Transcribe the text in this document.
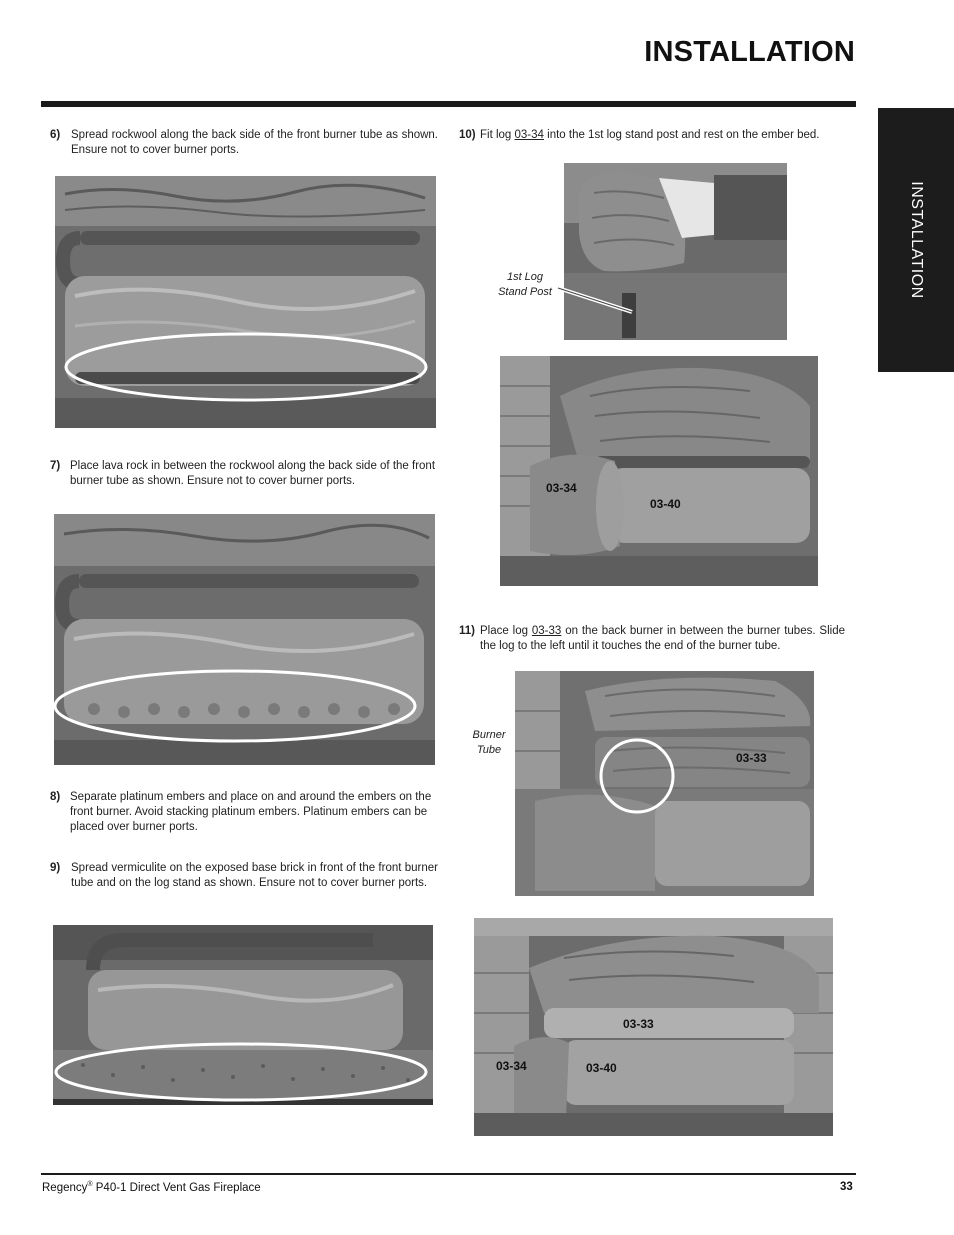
INSTALLATION
INSTALLATION
6) Spread rockwool along the back side of the front burner tube as shown. Ensure not to cover burner ports.
7) Place lava rock in between the rockwool along the back side of the front burner tube as shown. Ensure not to cover burner ports.
8) Separate platinum embers and place on and around the embers on the front burner. Avoid stacking platinum embers. Platinum embers can be placed over burner ports.
9) Spread vermiculite on the exposed base brick in front of the front burner tube and on the log stand as shown. Ensure not to cover burner ports.
10) Fit log 03-34 into the 1st log stand post and rest on the ember bed.
1st Log
Stand Post
03-34
03-40
11) Place log 03-33 on the back burner in between the burner tubes. Slide the log to the left until it touches the end of the burner tube.
Burner
Tube
03-33
03-33
03-34	03-40
Regency® P40-1 Direct Vent Gas Fireplace	33
